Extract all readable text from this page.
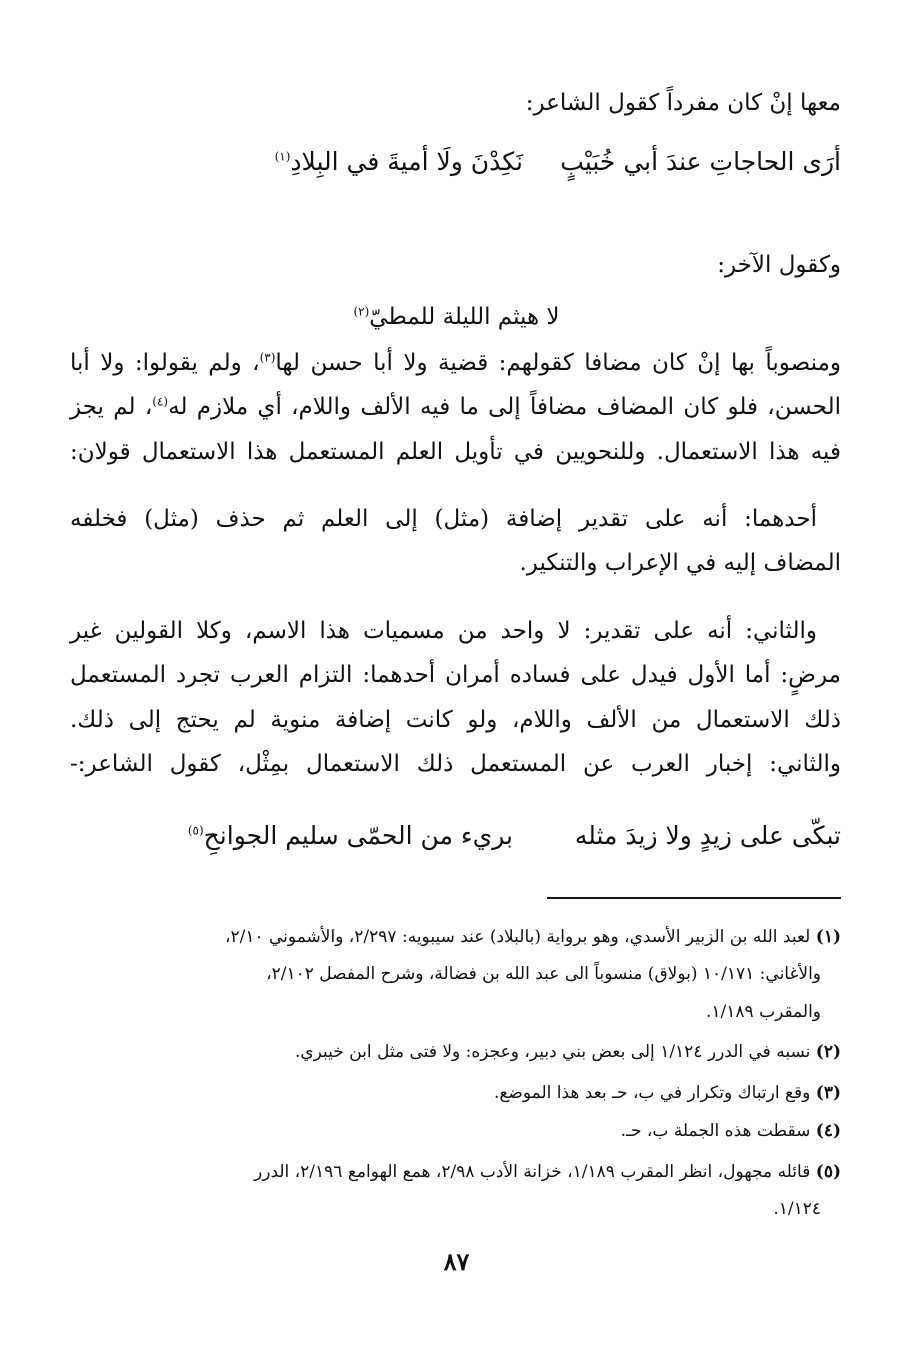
معها إنْ كان مفرداً كقول الشاعر:
أرَى الحاجاتِ عندَ أبي خُبَيْبٍ
نَكِدْنَ ولَا أميةَ في البِلادِ$^{(١)}$
وكقول الآخر:
لا هيثم الليلة للمطيّ$^{(٢)}$
ومنصوباً بها إنْ كان مضافا كقولهم: قضية ولا أبا حسن لها$^{(٣)}$، ولم يقولوا: ولا أبا
الحسن، فلو كان المضاف مضافاً إلى ما فيه الألف واللام، أي ملازم له$^{(٤)}$، لم يجز
فيه هذا الاستعمال. وللنحويين في تأويل العلم المستعمل هذا الاستعمال قولان:
أحدهما: أنه على تقدير إضافة (مثل) إلى العلم ثم حذف (مثل) فخلفه
المضاف إليه في الإعراب والتنكير.
والثاني: أنه على تقدير: لا واحد من مسميات هذا الاسم، وكلا القولين غير
مرضٍ: أما الأول فيدل على فساده أمران أحدهما: التزام العرب تجرد المستعمل
ذلك الاستعمال من الألف واللام، ولو كانت إضافة منوية لم يحتج إلى ذلك.
والثاني: إخبار العرب عن المستعمل ذلك الاستعمال بمِثْل، كقول الشاعر:-
تبكّى على زيدٍ ولا زيدَ مثله
بريء من الحمّى سليم الجوانحِ$^{(٥)}$
(١) لعبد الله بن الزبير الأسدي، وهو برواية (بالبلاد) عند سيبويه: ٢/٢٩٧، والأشموني ٢/١٠،
والأغاني: ١٠/١٧١ (بولاق) منسوباً الى عبد الله بن فضالة، وشرح المفصل ٢/١٠٢،
والمقرب ١/١٨٩.
(٢) نسبه في الدرر ١/١٢٤ إلى بعض بني دبير، وعجزه: ولا فتى مثل ابن خيبري.
(٣) وقع ارتباك وتكرار في ب، حـ بعد هذا الموضع.
(٤) سقطت هذه الجملة ب، حـ.
(٥) قائله مجهول، انظر المقرب ١/١٨٩، خزانة الأدب ٢/٩٨، همع الهوامع ٢/١٩٦، الدرر
١/١٢٤.
٨٧
